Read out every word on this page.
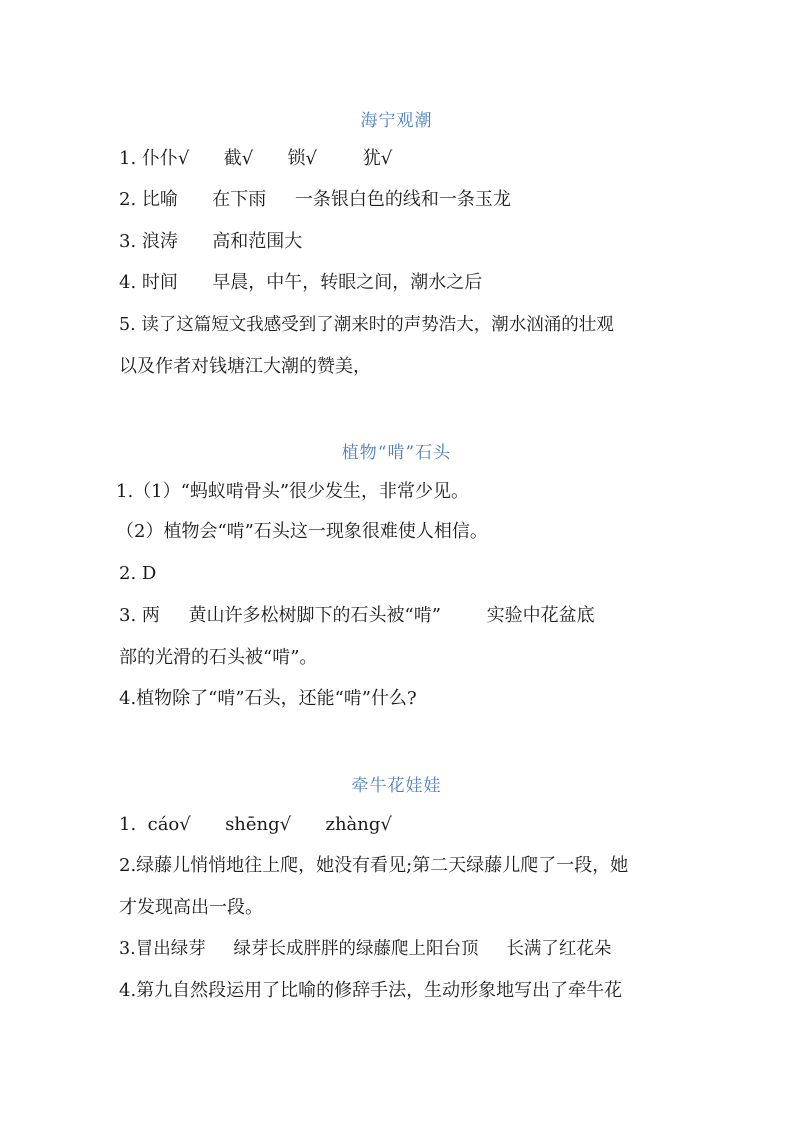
海宁观潮
1. 仆仆√      截√      锁√        犹√
2. 比喻      在下雨     一条银白色的线和一条玉龙
3. 浪涛      高和范围大
4. 时间      早晨，中午，转眼之间，潮水之后
5. 读了这篇短文我感受到了潮来时的声势浩大，潮水汹涌的壮观
以及作者对钱塘江大潮的赞美，
植物“啃”石头
1.（1）“蚂蚁啃骨头”很少发生，非常少见。
（2）植物会“啃”石头这一现象很难使人相信。
2. D
3. 两     黄山许多松树脚下的石头被“啃”        实验中花盆底
部的光滑的石头被“啃”。
4.植物除了“啃”石头，还能“啃”什么?
牵牛花娃娃
1.  cáo√      shēng√      zhàng√
2.绿藤儿悄悄地往上爬，她没有看见;第二天绿藤儿爬了一段，她
才发现高出一段。
3.冒出绿芽     绿芽长成胖胖的绿藤爬上阳台顶     长满了红花朵
4.第九自然段运用了比喻的修辞手法，生动形象地写出了牵牛花
